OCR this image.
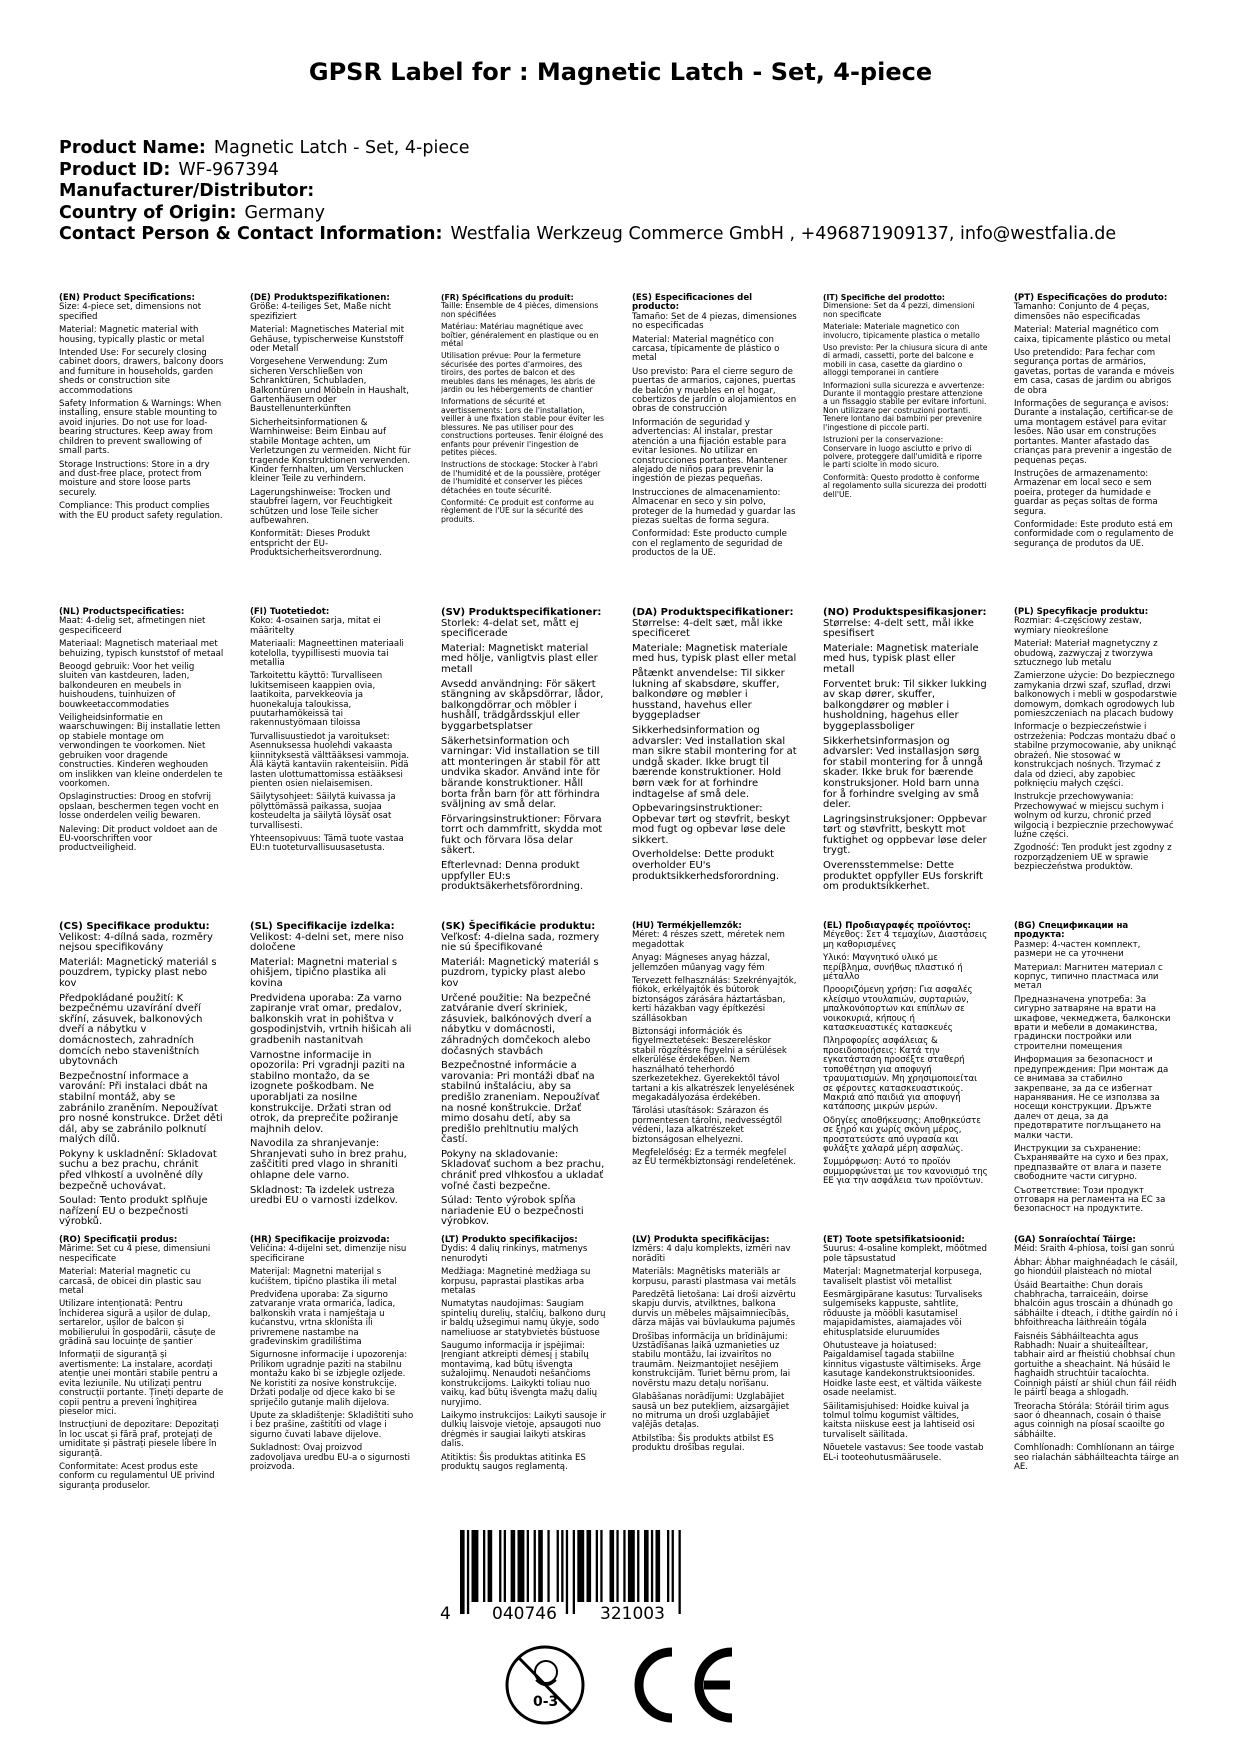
GPSR Label for : Magnetic Latch - Set, 4-piece
Product Name: Magnetic Latch - Set, 4-piece
Product ID: WF-967394
Manufacturer/Distributor:
Country of Origin: Germany
Contact Person & Contact Information: Westfalia Werkzeug Commerce GmbH , +496871909137, info@westfalia.de
(EN) Product Specifications:

Size: 4-piece set, dimensions not specified

Material: Magnetic material with housing, typically plastic or metal

Intended Use: For securely closing cabinet doors, drawers, balcony doors and furniture in households, garden sheds or construction site accommodations

Safety Information & Warnings: When installing, ensure stable mounting to avoid injuries. Do not use for load-bearing structures. Keep away from children to prevent swallowing of small parts.

Storage Instructions: Store in a dry and dust-free place, protect from moisture and store loose parts securely.

Compliance: This product complies with the EU product safety regulation.

(DE) Produktspezifikationen:

Größe: 4-teiliges Set, Maße nicht spezifiziert

Material: Magnetisches Material mit Gehäuse, typischerweise Kunststoff oder Metall

Vorgesehene Verwendung: Zum sicheren Verschließen von Schranktüren, Schubladen, Balkontüren und Möbeln in Haushalt, Gartenhäusern oder Baustellenunterkünften

Sicherheitsinformationen & Warnhinweise: Beim Einbau auf stabile Montage achten, um Verletzungen zu vermeiden. Nicht für tragende Konstruktionen verwenden. Kinder fernhalten, um Verschlucken kleiner Teile zu verhindern.

Lagerungshinweise: Trocken und staubfrei lagern, vor Feuchtigkeit schützen und lose Teile sicher aufbewahren.

Konformität: Dieses Produkt entspricht der EU-Produktsicherheitsverordnung.

(FR) Spécifications du produit:

Taille: Ensemble de 4 pièces, dimensions non spécifiées

Matériau: Matériau magnétique avec boîtier, généralement en plastique ou en métal

Utilisation prévue: Pour la fermeture sécurisée des portes d'armoires, des tiroirs, des portes de balcon et des meubles dans les ménages, les abris de jardin ou les hébergements de chantier

Informations de sécurité et avertissements: Lors de l'installation, veiller à une fixation stable pour éviter les blessures. Ne pas utiliser pour des constructions porteuses. Tenir éloigné des enfants pour prévenir l'ingestion de petites pièces.

Instructions de stockage: Stocker à l'abri de l'humidité et de la poussière, protéger de l'humidité et conserver les pièces détachées en toute sécurité.

Conformité: Ce produit est conforme au règlement de l'UE sur la sécurité des produits.

(ES) Especificaciones del producto:

Tamaño: Set de 4 piezas, dimensiones no especificadas

Material: Material magnético con carcasa, típicamente de plástico o metal

Uso previsto: Para el cierre seguro de puertas de armarios, cajones, puertas de balcón y muebles en el hogar, cobertizos de jardín o alojamientos en obras de construcción

Información de seguridad y advertencias: Al instalar, prestar atención a una fijación estable para evitar lesiones. No utilizar en construcciones portantes. Mantener alejado de niños para prevenir la ingestión de piezas pequeñas.

Instrucciones de almacenamiento: Almacenar en seco y sin polvo, proteger de la humedad y guardar las piezas sueltas de forma segura.

Conformidad: Este producto cumple con el reglamento de seguridad de productos de la UE.

(IT) Specifiche del prodotto:

Dimensione: Set da 4 pezzi, dimensioni non specificate

Materiale: Materiale magnetico con involucro, tipicamente plastica o metallo

Uso previsto: Per la chiusura sicura di ante di armadi, cassetti, porte del balcone e mobili in casa, casette da giardino o alloggi temporanei in cantiere

Informazioni sulla sicurezza e avvertenze: Durante il montaggio prestare attenzione a un fissaggio stabile per evitare infortuni. Non utilizzare per costruzioni portanti. Tenere lontano dai bambini per prevenire l'ingestione di piccole parti.

Istruzioni per la conservazione: Conservare in luogo asciutto e privo di polvere, proteggere dall'umidità e riporre le parti sciolte in modo sicuro.

Conformità: Questo prodotto è conforme al regolamento sulla sicurezza dei prodotti dell'UE.

(PT) Especificações do produto:

Tamanho: Conjunto de 4 peças, dimensões não especificadas

Material: Material magnético com caixa, tipicamente plástico ou metal

Uso pretendido: Para fechar com segurança portas de armários, gavetas, portas de varanda e móveis em casa, casas de jardim ou abrigos de obra

Informações de segurança e avisos: Durante a instalação, certificar-se de uma montagem estável para evitar lesões. Não usar em construções portantes. Manter afastado das crianças para prevenir a ingestão de pequenas peças.

Instruções de armazenamento: Armazenar em local seco e sem poeira, proteger da humidade e guardar as peças soltas de forma segura.

Conformidade: Este produto está em conformidade com o regulamento de segurança de produtos da UE.

(NL) Productspecificaties:

Maat: 4-delig set, afmetingen niet gespecificeerd

Materiaal: Magnetisch materiaal met behuizing, typisch kunststof of metaal

Beoogd gebruik: Voor het veilig sluiten van kastdeuren, laden, balkondeuren en meubels in huishoudens, tuinhuizen of bouwkeetaccommodaties

Veiligheidsinformatie en waarschuwingen: Bij installatie letten op stabiele montage om verwondingen te voorkomen. Niet gebruiken voor dragende constructies. Kinderen weghouden om inslikken van kleine onderdelen te voorkomen.

Opslaginstructies: Droog en stofvrij opslaan, beschermen tegen vocht en losse onderdelen veilig bewaren.

Naleving: Dit product voldoet aan de EU-voorschriften voor productveiligheid.

(FI) Tuotetiedot:

Koko: 4-osainen sarja, mitat ei määritelty

Materiaali: Magneettinen materiaali kotelolla, tyypillisesti muovia tai metallia

Tarkoitettu käyttö: Turvalliseen lukitsemiseen kaappien ovia, laatikoita, parvekkeovia ja huonekaluja taloukissa, puutarhamökeissä tai rakennustyömaan tiloissa

Turvallisuustiedot ja varoitukset: Asennuksessa huolehdi vakaasta kiinnityksestä välttääksesi vammoja. Älä käytä kantaviin rakenteisiin. Pidä lasten ulottumattomissa estääksesi pienten osien nielaisemisen.

Säilytysohjeet: Säilytä kuivassa ja pölyttömässä paikassa, suojaa kosteudelta ja säilytä löysät osat turvallisesti.

Yhteensopivuus: Tämä tuote vastaa EU:n tuoteturvallisuusasetusta.

(SV) Produktspecifikationer:

Storlek: 4-delat set, mått ej specificerade

Material: Magnetiskt material med hölje, vanligtvis plast eller metall

Avsedd användning: För säkert stängning av skåpsdörrar, lådor, balkongdörrar och möbler i hushåll, trädgårdsskjul eller byggarbetsplatser

Säkerhetsinformation och varningar: Vid installation se till att monteringen är stabil för att undvika skador. Använd inte för bärande konstruktioner. Håll borta från barn för att förhindra sväljning av små delar.

Förvaringsinstruktioner: Förvara torrt och dammfritt, skydda mot fukt och förvara lösa delar säkert.

Efterlevnad: Denna produkt uppfyller EU:s produktsäkerhetsförordning.

(DA) Produktspecifikationer:

Størrelse: 4-delt sæt, mål ikke specificeret

Materiale: Magnetisk materiale med hus, typisk plast eller metal

Påtænkt anvendelse: Til sikker lukning af skabsdøre, skuffer, balkondøre og møbler i husstand, havehus eller byggepladser

Sikkerhedsinformation og advarsler: Ved installation skal man sikre stabil montering for at undgå skader. Ikke brugt til bærende konstruktioner. Hold børn væk for at forhindre indtagelse af små dele.

Opbevaringsinstruktioner: Opbevar tørt og støvfrit, beskyt mod fugt og opbevar løse dele sikkert.

Overholdelse: Dette produkt overholder EU's produktsikkerhedsforordning.

(NO) Produktspesifikasjoner:

Størrelse: 4-delt sett, mål ikke spesifisert

Materiale: Magnetisk materiale med hus, typisk plast eller metall

Forventet bruk: Til sikker lukking av skap dører, skuffer, balkongdører og møbler i husholdning, hagehus eller byggeplassboliger

Sikkerhetsinformasjon og advarsler: Ved installasjon sørg for stabil montering for å unngå skader. Ikke bruk for bærende konstruksjoner. Hold barn unna for å forhindre svelging av små deler.

Lagringsinstruksjoner: Oppbevar tørt og støvfritt, beskytt mot fuktighet og oppbevar løse deler trygt.

Overensstemmelse: Dette produktet oppfyller EUs forskrift om produktsikkerhet.

(PL) Specyfikacje produktu:

Rozmiar: 4-częściowy zestaw, wymiary nieokreślone

Materiał: Materiał magnetyczny z obudową, zazwyczaj z tworzywa sztucznego lub metalu

Zamierzone użycie: Do bezpiecznego zamykania drzwi szaf, szuflad, drzwi balkonowych i mebli w gospodarstwie domowym, domkach ogrodowych lub pomieszczeniach na placach budowy

Informacje o bezpieczeństwie i ostrzeżenia: Podczas montażu dbać o stabilne przymocowanie, aby uniknąć obrażeń. Nie stosować w konstrukcjach nośnych. Trzymać z dala od dzieci, aby zapobiec połknięciu małych części.

Instrukcje przechowywania: Przechowywać w miejscu suchym i wolnym od kurzu, chronić przed wilgocią i bezpiecznie przechowywać luźne części.

Zgodność: Ten produkt jest zgodny z rozporządzeniem UE w sprawie bezpieczeństwa produktów.

(CS) Specifikace produktu:

Velikost: 4-dílná sada, rozměry nejsou specifikovány

Materiál: Magnetický materiál s pouzdrem, typicky plast nebo kov

Předpokládané použití: K bezpečnému uzavírání dveří skříní, zásuvek, balkonových dveří a nábytku v domácnostech, zahradních domcích nebo staveništních ubytovnách

Bezpečnostní informace a varování: Při instalaci dbát na stabilní montáž, aby se zabránilo zraněním. Nepoužívat pro nosné konstrukce. Držet děti dál, aby se zabránilo polknutí malých dílů.

Pokyny k uskladnění: Skladovat suchu a bez prachu, chránit před vlhkostí a uvolněné díly bezpečně uchovávat.

Soulad: Tento produkt splňuje nařízení EU o bezpečnosti výrobků.

(SL) Specifikacije izdelka:

Velikost: 4-delni set, mere niso določene

Material: Magnetni material s ohišjem, tipično plastika ali kovina

Predvidena uporaba: Za varno zapiranje vrat omar, predalov, balkonskih vrat in pohištva v gospodinjstvih, vrtnih hišicah ali gradbenih nastanitvah

Varnostne informacije in opozorila: Pri vgradnji paziti na stabilno montažo, da se izognete poškodbam. Ne uporabljati za nosilne konstrukcije. Držati stran od otrok, da preprečite požiranje majhnih delov.

Navodila za shranjevanje: Shranjevati suho in brez prahu, zaščititi pred vlago in shraniti ohlapne dele varno.

Skladnost: Ta izdelek ustreza uredbi EU o varnosti izdelkov.

(SK) Špecifikácie produktu:

Veľkosť: 4-dielna sada, rozmery nie sú špecifikované

Materiál: Magnetický materiál s puzdrom, typicky plast alebo kov

Určené použitie: Na bezpečné zatváranie dverí skriniek, zásuviek, balkónových dverí a nábytku v domácnosti, záhradných domčekoch alebo dočasných stavbách

Bezpečnostné informácie a varovania: Pri montáži dbať na stabilnú inštaláciu, aby sa predišlo zraneniam. Nepoužívať na nosné konštrukcie. Držať mimo dosahu detí, aby sa predišlo prehltnutiu malých častí.

Pokyny na skladovanie: Skladovať suchom a bez prachu, chrániť pred vlhkosťou a ukladať voľné časti bezpečne.

Súlad: Tento výrobok spĺňa nariadenie EÚ o bezpečnosti výrobkov.

(HU) Termékjellemzők:

Méret: 4 részes szett, méretek nem megadottak

Anyag: Mágneses anyag házzal, jellemzően műanyag vagy fém

Tervezett felhasználás: Szekrényajtók, fiókok, erkélyajtók és bútorok biztonságos zárására háztartásban, kerti házakban vagy építkezési szállásokban

Biztonsági információk és figyelmeztetések: Beszereléskor stabil rögzítésre figyelni a sérülések elkerülése érdekében. Nem használható teherhordó szerkezetekhez. Gyerekektől távol tartani a kis alkatrészek lenyelésének megakadályozása érdekében.

Tárolási utasítások: Szárazon és pormentesen tárolni, nedvességtől védeni, laza alkatrészeket biztonságosan elhelyezni.

Megfelelőség: Ez a termék megfelel az EU termékbiztonsági rendeletének.

(EL) Προδιαγραφές προϊόντος:

Μέγεθος: Σετ 4 τεμαχίων, Διαστάσεις μη καθορισμένες

Υλικό: Μαγνητικό υλικό με περίβλημα, συνήθως πλαστικό ή μέταλλο

Προοριζόμενη χρήση: Για ασφαλές κλείσιμο ντουλαπιών, συρταριών, μπαλκονόπορτων και επίπλων σε νοικοκυριά, κήπους ή κατασκευαστικές κατασκευές

Πληροφορίες ασφάλειας & προειδοποιήσεις: Κατά την εγκατάσταση προσέξτε σταθερή τοποθέτηση για αποφυγή τραυματισμών. Μη χρησιμοποιείται σε φέροντες κατασκευαστικούς. Μακριά από παιδιά για αποφυγή κατάποσης μικρών μερών.

Οδηγίες αποθήκευσης: Αποθηκεύστε σε ξηρό και χωρίς σκόνη μέρος, προστατεύστε από υγρασία και φυλάξτε χαλαρά μέρη ασφαλώς.

Συμμόρφωση: Αυτό το προϊόν συμμορφώνεται με τον κανονισμό της ΕΕ για την ασφάλεια των προϊόντων.

(BG) Спецификации на продукта:

Размер: 4-частен комплект, размери не са уточнени

Материал: Магнитен материал с корпус, типично пластмаса или метал

Предназначена употреба: За сигурно затваряне на врати на шкафове, чекмеджета, балконски врати и мебели в домакинства, градински постройки или строителни помещения

Информация за безопасност и предупреждения: При монтаж да се внимава за стабилно закрепване, за да се избегнат наранявания. Не се използва за носещи конструкции. Дръжте далеч от деца, за да предотвратите поглъщането на малки части.

Инструкции за съхранение: Съхранявайте на сухо и без прах, предпазвайте от влага и пазете свободните части сигурно.

Съответствие: Този продукт отговаря на регламента на ЕС за безопасност на продуктите.

(RO) Specificații produs:

Mărime: Set cu 4 piese, dimensiuni nespecificate

Material: Material magnetic cu carcasă, de obicei din plastic sau metal

Utilizare intenționată: Pentru închiderea sigură a ușilor de dulap, sertarelor, ușilor de balcon și mobilierului în gospodării, căsuțe de grădină sau locuințe de șantier

Informații de siguranță și avertismente: La instalare, acordați atenție unei montări stabile pentru a evita leziunile. Nu utilizați pentru construcții portante. Țineți departe de copii pentru a preveni înghițirea pieselor mici.

Instrucțiuni de depozitare: Depozitați în loc uscat și fără praf, protejați de umiditate și păstrați piesele libere în siguranță.

Conformitate: Acest produs este conform cu regulamentul UE privind siguranța produselor.

(HR) Specifikacije proizvoda:

Veličina: 4-dijelni set, dimenzije nisu specificirane

Materijal: Magnetni materijal s kućištem, tipično plastika ili metal

Predviđena uporaba: Za sigurno zatvaranje vrata ormarića, ladica, balkonskih vrata i namještaja u kućanstvu, vrtna skloništa ili privremene nastambe na građevinskim gradilištima

Sigurnosne informacije i upozorenja: Prilikom ugradnje paziti na stabilnu montažu kako bi se izbjegle ozljede. Ne koristiti za nosive konstrukcije. Držati podalje od djece kako bi se spriječilo gutanje malih dijelova.

Upute za skladištenje: Skladištiti suho i bez prašine, zaštititi od vlage i sigurno čuvati labave dijelove.

Sukladnost: Ovaj proizvod zadovoljava uredbu EU-a o sigurnosti proizvoda.

(LT) Produkto specifikacijos:

Dydis: 4 dalių rinkinys, matmenys nenurodyti

Medžiaga: Magnetinė medžiaga su korpusu, paprastai plastikas arba metalas

Numatytas naudojimas: Saugiam spintelių durelių, stalčių, balkono durų ir baldų užsegimui namų ūkyje, sodo nameliuose ar statybvietės būstuose

Saugumo informacija ir įspėjimai: Įrengiant atkreipti dėmesį į stabilų montavimą, kad būtų išvengta sužalojimų. Nenaudoti nešančioms konstrukcijoms. Laikykti toliau nuo vaikų, kad būtų išvengta mažų dalių nuryjimo.

Laikymo instrukcijos: Laikyti sausoje ir dulkių laisvoje vietoje, apsaugoti nuo drėgmės ir saugiai laikyti atskiras dalis.

Atitiktis: Šis produktas atitinka ES produktų saugos reglamentą.

(LV) Produkta specifikācijas:

Izmērs: 4 daļu komplekts, izmēri nav norādīti

Materiāls: Magnētisks materiāls ar korpusu, parasti plastmasa vai metāls

Paredzētā lietošana: Lai droši aizvērtu skapju durvis, atvilktnes, balkona durvis un mēbeles mājsaimniecībās, dārza mājās vai būvlaukuma pajumēs

Drošības informācija un brīdinājumi: Uzstādīšanas laikā uzmanieties uz stabilu montāžu, lai izvairītos no traumām. Neizmantojiet nesējiem konstrukcijām. Turiet bērnu prom, lai novērstu mazu detaļu norīšanu.

Glabāšanas norādījumi: Uzglabājiet sausā un bez putekļiem, aizsargājiet no mitruma un droši uzglabājiet vaļējās detaļas.

Atbilstība: Šis produkts atbilst ES produktu drošības regulai.

(ET) Toote spetsifikatsioonid:

Suurus: 4-osaline komplekt, mõõtmed pole täpsustatud

Materjal: Magnetmaterjal korpusega, tavaliselt plastist või metallist

Eesmärgipärane kasutus: Turvaliseks sulgemiseks kappuste, sahtlite, rõduuste ja mööbli kasutamisel majapidamistes, aiamajades või ehitusplatside eluruumides

Ohutusteave ja hoiatused: Paigaldamisel tagada stabiilne kinnitus vigastuste vältimiseks. Ärge kasutage kandekonstruktsioonides. Hoidke laste eest, et vältida väikeste osade neelamist.

Säilitamisjuhised: Hoidke kuival ja tolmul tolmu kogumist vältides, kaitsta niiskuse eest ja lahtiseid osi turvaliselt säilitada.

Nõuetele vastavus: See toode vastab EL-i tooteohutusmäärusele.

(GA) Sonraíochtaí Táirge:

Méid: Sraith 4-phíosa, toisí gan sonrú

Ábhar: Ábhar maighnéadach le cásáil, go hiondúil plaisteach nó miotal

Úsáid Beartaithe: Chun dorais chabhracha, tarraiceáin, doirse bhalcóin agus troscáin a dhúnadh go sábháilte i dteach, i dtithe gairdín nó i bhfoithreacha láithreáin tógála

Faisnéis Sábháilteachta agus Rabhadh: Nuair a shuiteáiltear, tabhair aird ar fheistiú chobhsaí chun gortuithe a sheachaint. Ná húsáid le haghaidh struchtúir tacaíochta. Coinnigh páistí ar shiúl chun fáil réidh le páirtí beaga a shlogadh.

Treoracha Stórála: Stóráil tirim agus saor ó dheannach, cosain ó thaise agus coinnigh na píosaí scaoilte go sábháilte.

Comhlíonadh: Comhlíonann an táirge seo rialachán sábháilteachta táirge an AE.

4 040746	321003
0-3
